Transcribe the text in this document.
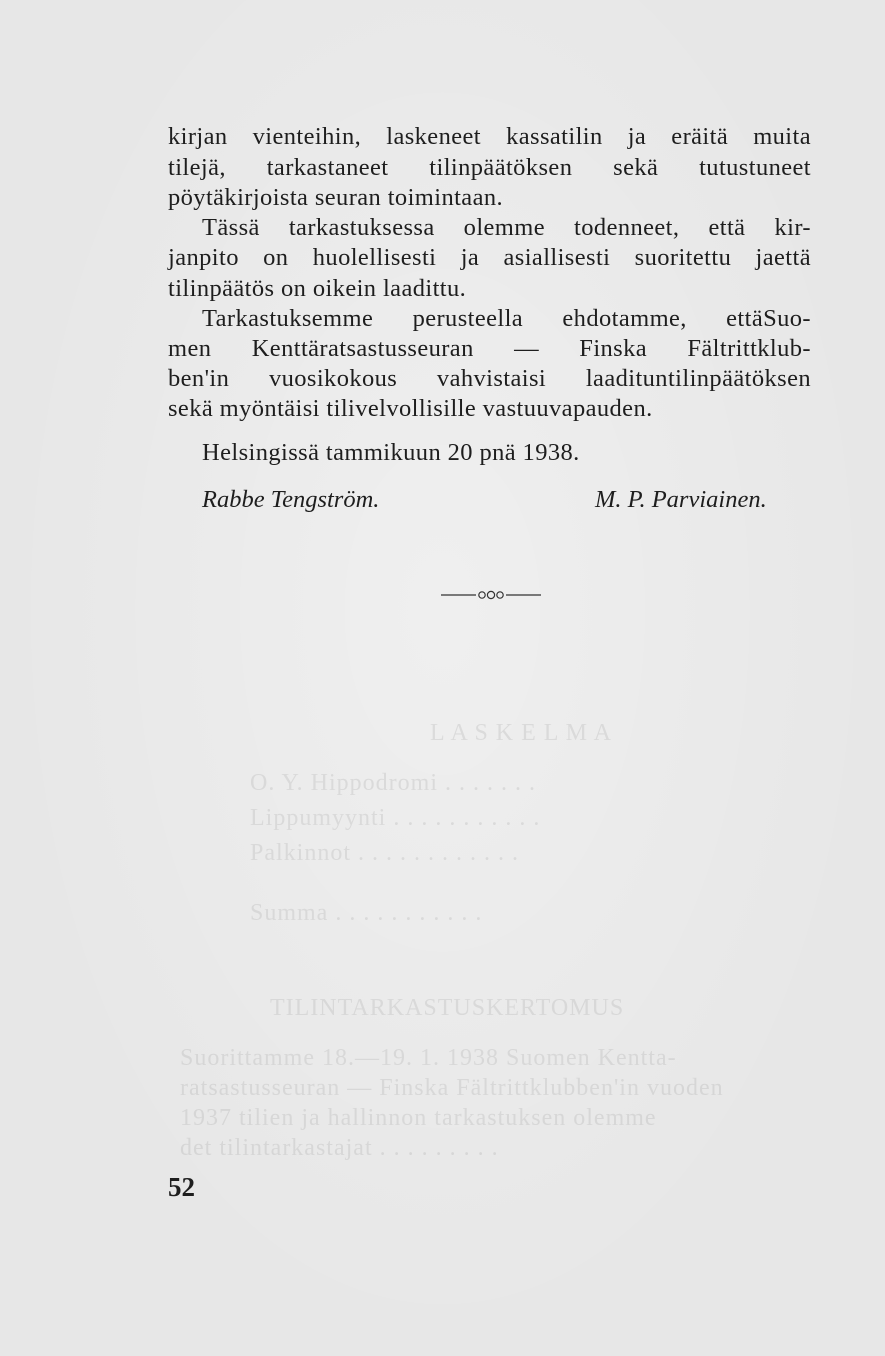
L A S K E L M A
O. Y. Hippodromi . . . . . . .
Lippumyynti . . . . . . . . . . .
Palkinnot . . . . . . . . . . . .
Summa . . . . . . . . . . .
TILINTARKASTUSKERTOMUS
Suorittamme 18.—19. 1. 1938 Suomen Kentta-
ratsastusseuran — Finska Fältrittklubben'in vuoden
1937 tilien ja hallinnon tarkastuksen olemme
det tilintarkastajat . . . . . . . . .
kirjan vienteihin, laskeneet kassatilin ja eräitä muita
tilejä, tarkastaneet tilinpäätöksen sekä tutustuneet
pöytäkirjoista seuran toimintaan.
Tässä tarkastuksessa olemme todenneet, että kir-
janpito on huolellisesti ja asiallisesti suoritettu jaettä
tilinpäätös on oikein laadittu.
Tarkastuksemme perusteella ehdotamme, ettäSuo-
men Kenttäratsastusseuran — Finska Fältrittklub-
ben'in vuosikokous vahvistaisi laadituntilinpäätöksen
sekä myöntäisi tilivelvollisille vastuuvapauden.
Helsingissä tammikuun 20 pnä 1938.
Rabbe Tengström.	M. P. Parviainen.
52
